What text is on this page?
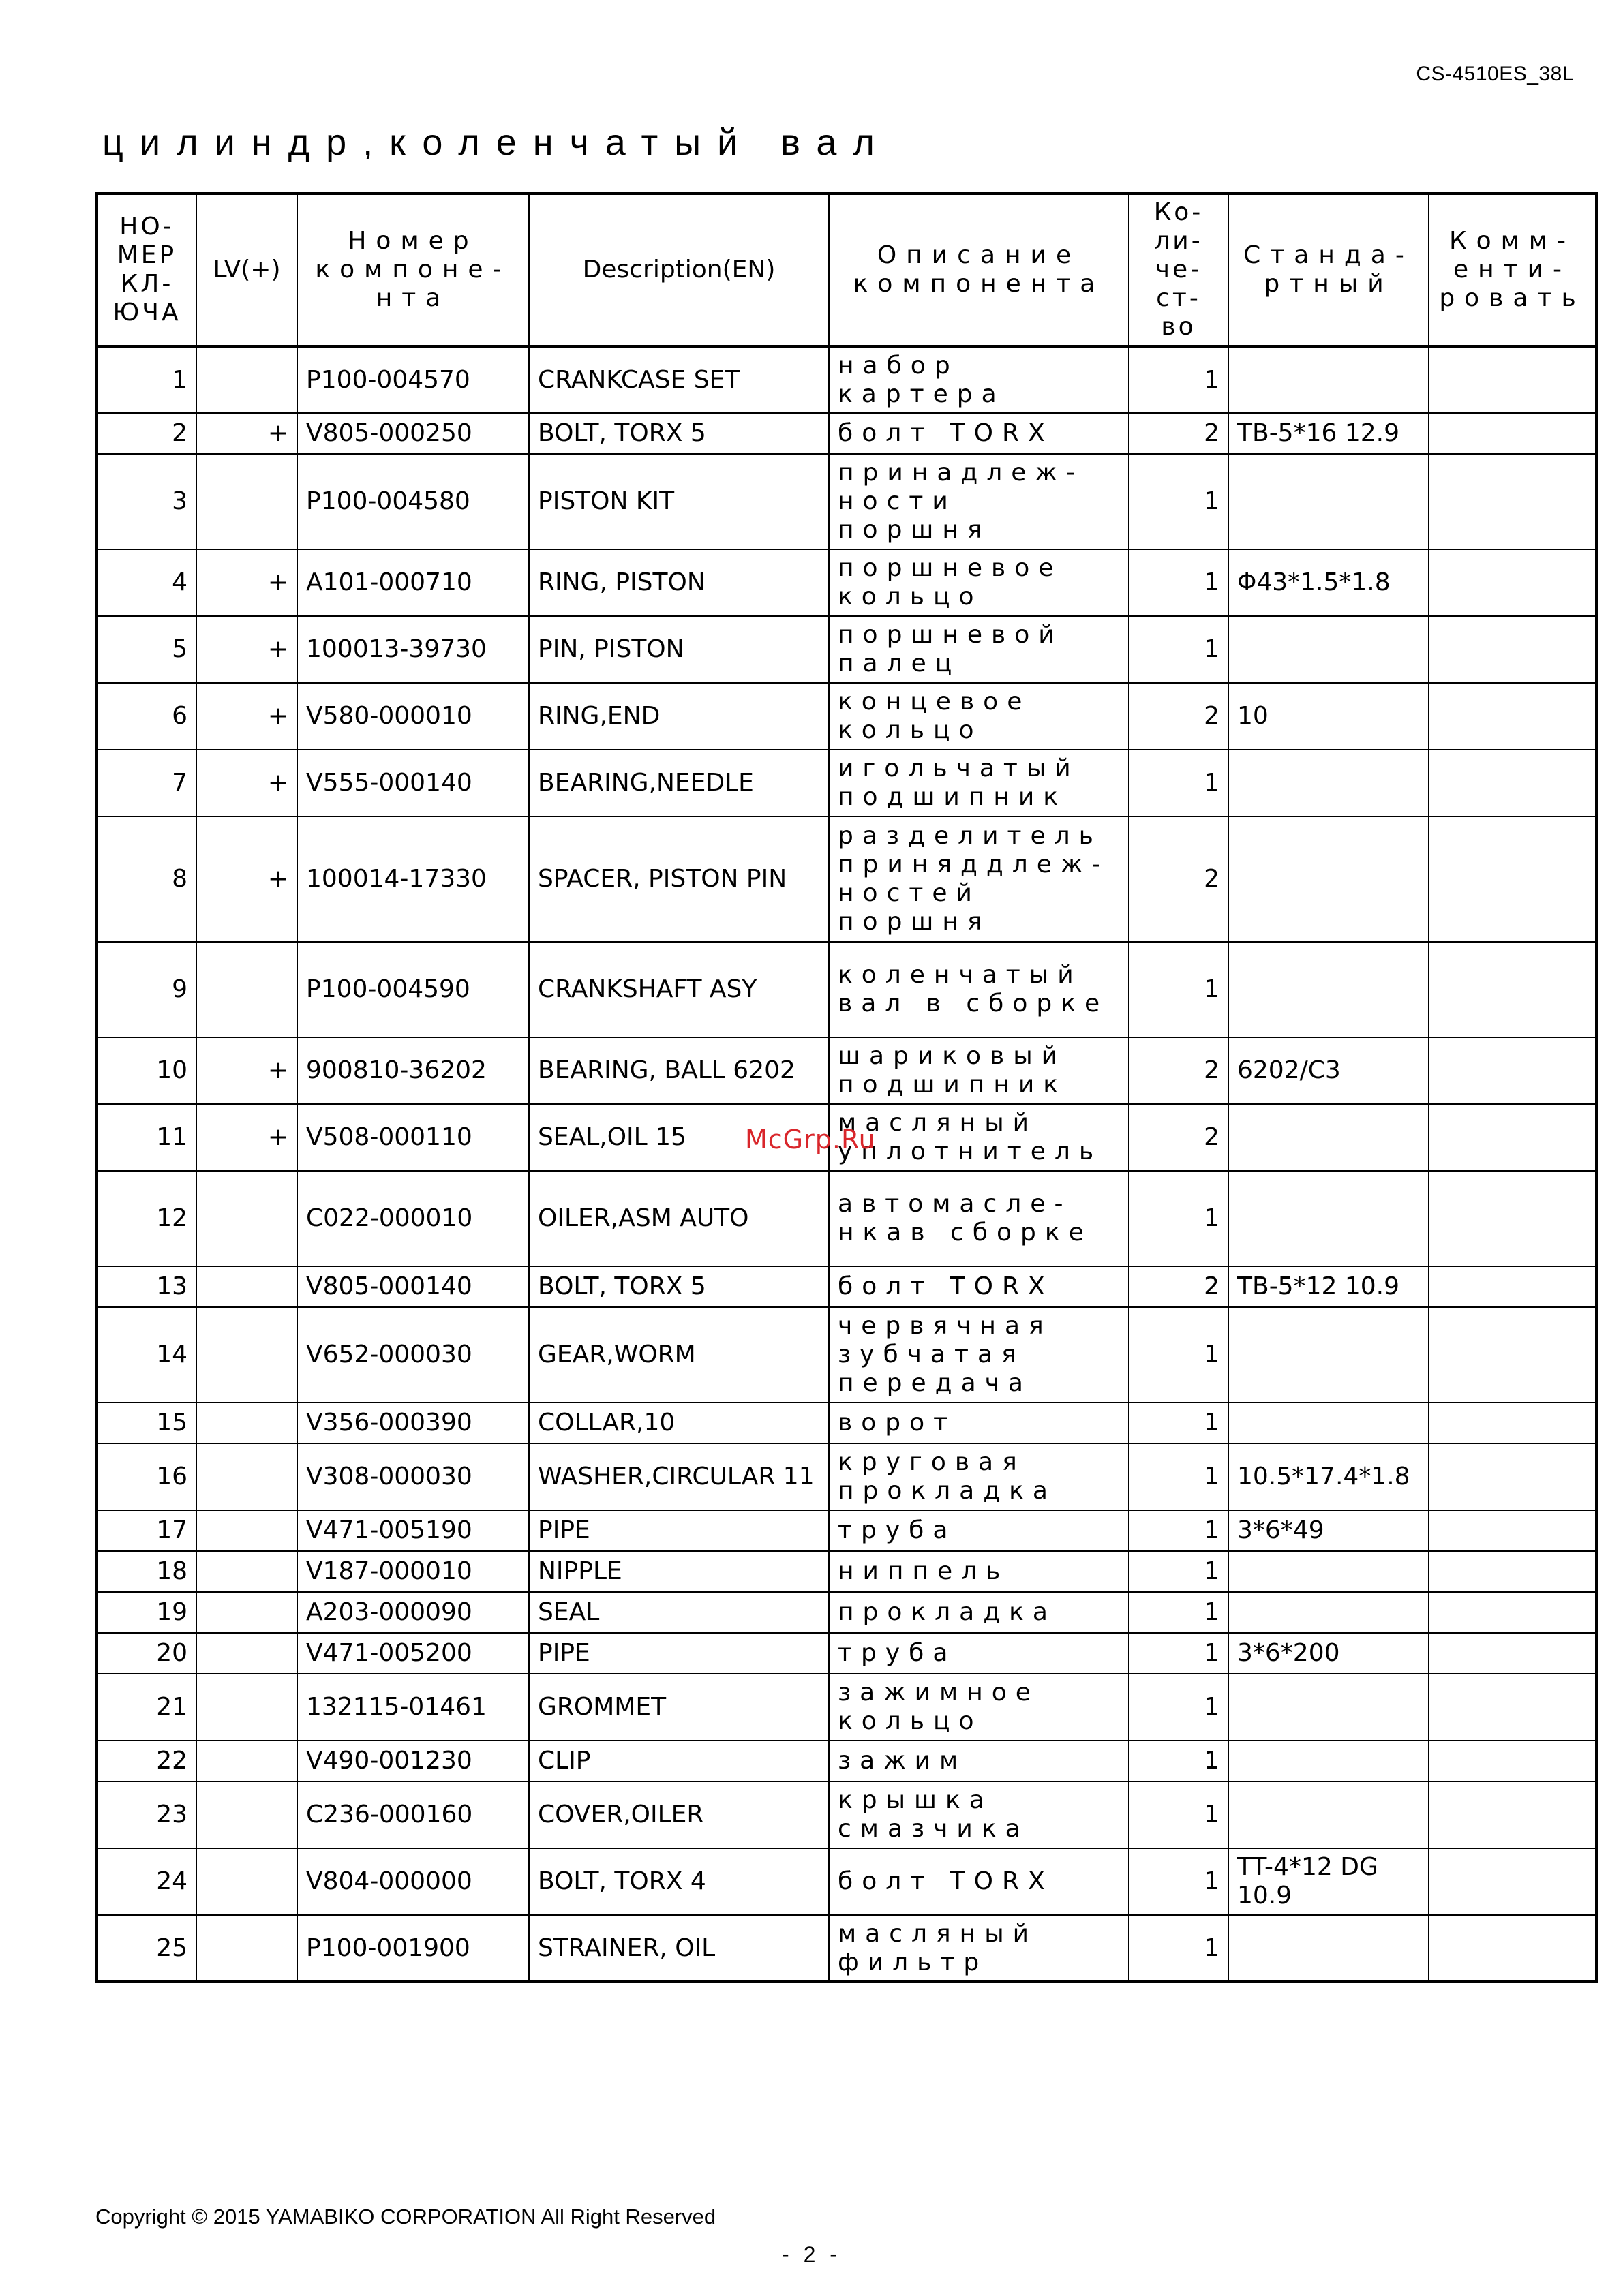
CS-4510ES_38L
цилиндр,коленчатый вал
НО- МЕР КЛ- ЮЧА	LV(+)	Номер компоне- нта	Description(EN)	Описание компонента	Ко- ли- че- ст- во	Станда- ртный	Комм- енти- ровать
1		P100-004570	CRANKCASE SET	набор картера	1		
2	+	V805-000250	BOLT, TORX 5	болт TORX	2	TB-5*16 12.9	
3		P100-004580	PISTON KIT	принадлеж- ности поршня	1		
4	+	A101-000710	RING, PISTON	поршневое кольцо	1	Φ43*1.5*1.8	
5	+	100013-39730	PIN, PISTON	поршневой палец	1		
6	+	V580-000010	RING,END	концевое кольцо	2	10	
7	+	V555-000140	BEARING,NEEDLE	игольчатый подшипник	1		
8	+	100014-17330	SPACER, PISTON PIN	разделитель приняддлеж- ностей поршня	2		
9		P100-004590	CRANKSHAFT ASY	коленчатый вал в сборке	1		
10	+	900810-36202	BEARING, BALL 6202	шариковый подшипник	2	6202/C3	
11	+	V508-000110	SEAL,OIL 15	масляный уплотнитель	2		
12		C022-000010	OILER,ASM AUTO	автомасле- нкав сборке	1		
13		V805-000140	BOLT, TORX 5	болт TORX	2	TB-5*12 10.9	
14		V652-000030	GEAR,WORM	червячная зубчатая передача	1		
15		V356-000390	COLLAR,10	ворот	1		
16		V308-000030	WASHER,CIRCULAR 11	круговая прокладка	1	10.5*17.4*1.8	
17		V471-005190	PIPE	труба	1	3*6*49	
18		V187-000010	NIPPLE	ниппель	1		
19		A203-000090	SEAL	прокладка	1		
20		V471-005200	PIPE	труба	1	3*6*200	
21		132115-01461	GROMMET	зажимное кольцо	1		
22		V490-001230	CLIP	зажим	1		
23		C236-000160	COVER,OILER	крышка смазчика	1		
24		V804-000000	BOLT, TORX 4	болт TORX	1	TT-4*12 DG 10.9	
25		P100-001900	STRAINER, OIL	масляный фильтр	1		
McGrp.Ru
Copyright © 2015 YAMABIKO CORPORATION All Right Reserved
- 2 -
